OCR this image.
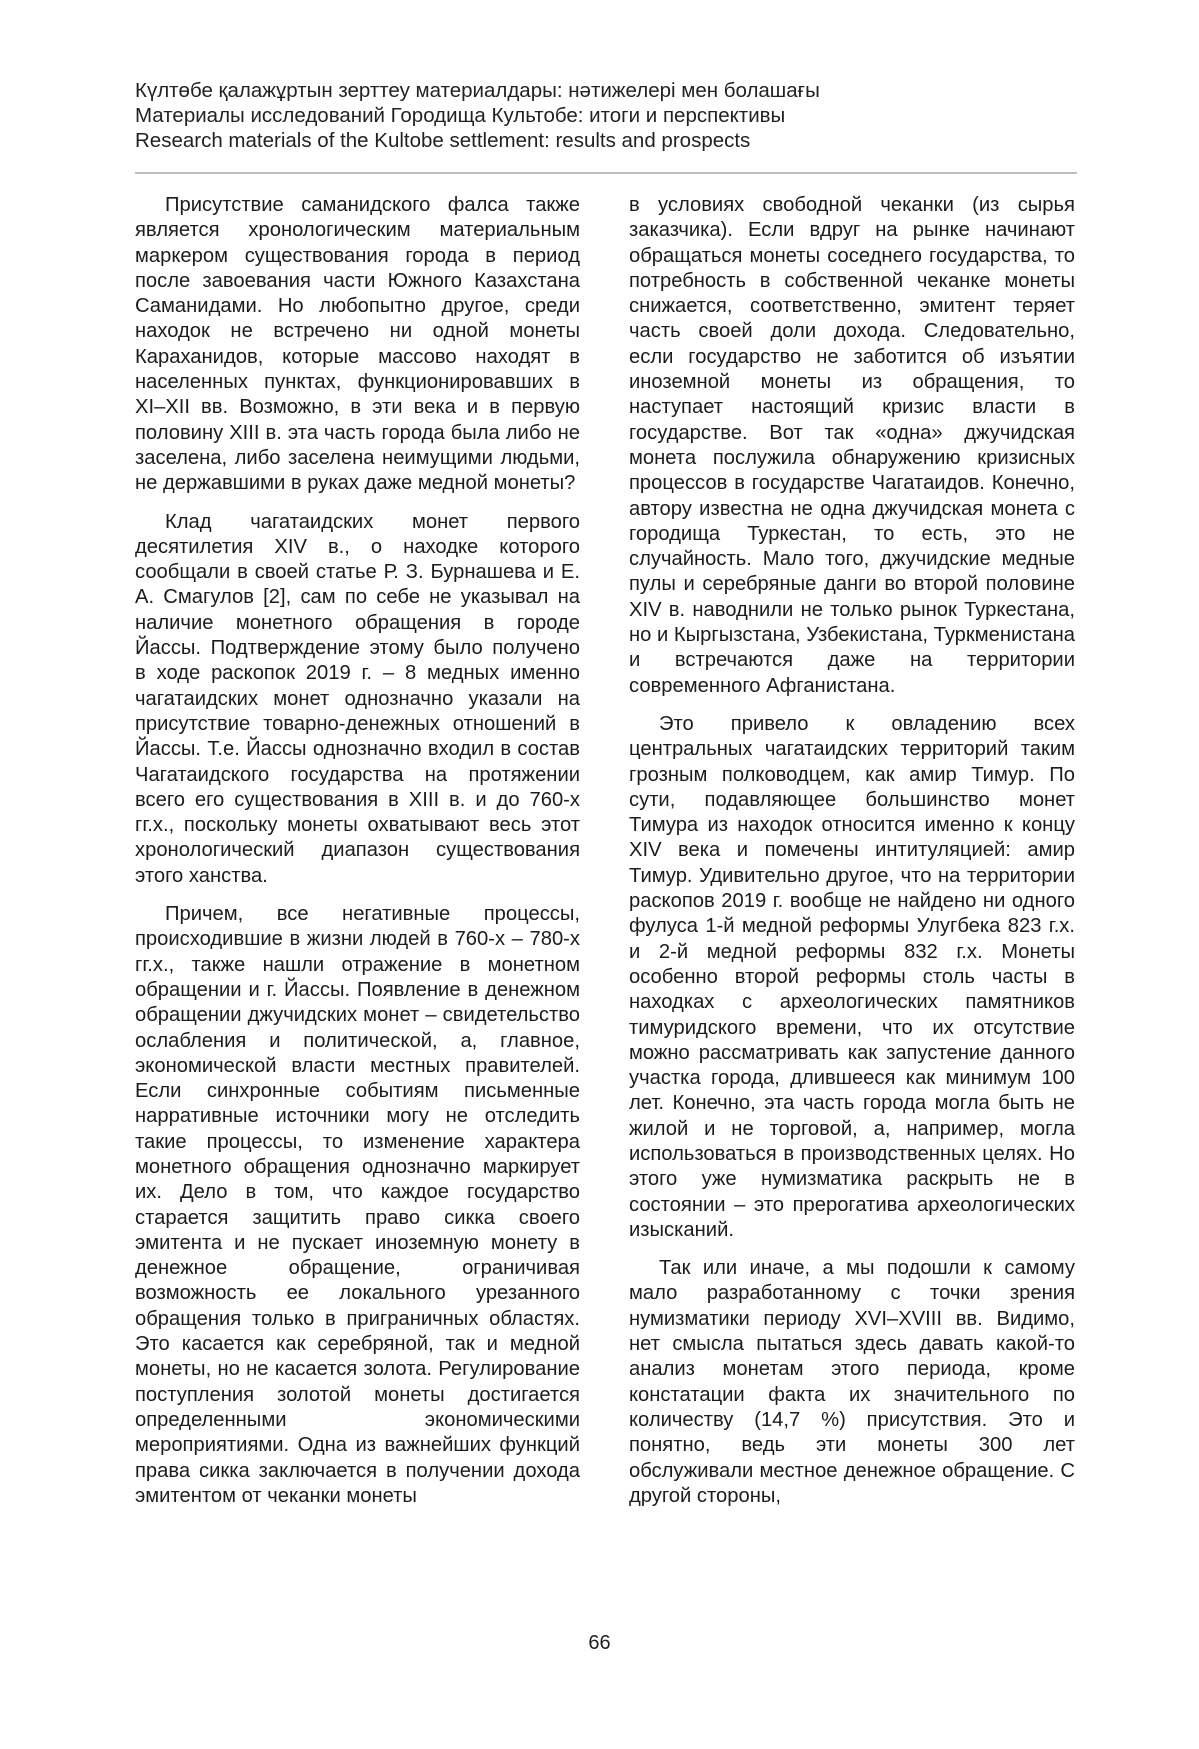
Күлтөбе қалажұртын зерттеу материалдары: нәтижелері мен болашағы
Материалы исследований Городища Культобе: итоги и перспективы
Research materials of the Kultobe settlement: results and prospects

Присутствие саманидского фалса также является хронологическим материальным маркером существования города в период после завоевания части Южного Казахстана Саманидами. Но любопытно другое, среди находок не встречено ни одной монеты Караханидов, которые массово находят в населенных пунктах, функционировавших в XI–XII вв. Возможно, в эти века и в первую половину XIII в. эта часть города была либо не заселена, либо заселена неимущими людьми, не державшими в руках даже медной монеты?

Клад чагатаидских монет первого десятилетия XIV в., о находке которого сообщали в своей статье Р. З. Бурнашева и Е. А. Смагулов [2], сам по себе не указывал на наличие монетного обращения в городе Йассы. Подтверждение этому было получено в ходе раскопок 2019 г. – 8 медных именно чагатаидских монет однозначно указали на присутствие товарно-денежных отношений в Йассы. Т.е. Йассы однозначно входил в состав Чагатаидского государства на протяжении всего его существования в XIII в. и до 760-х гг.х., поскольку монеты охватывают весь этот хронологический диапазон существования этого ханства.

Причем, все негативные процессы, происходившие в жизни людей в 760-х – 780-х гг.х., также нашли отражение в монетном обращении и г. Йассы. Появление в денежном обращении джучидских монет – свидетельство ослабления и политической, а, главное, экономической власти местных правителей. Если синхронные событиям письменные нарративные источники могу не отследить такие процессы, то изменение характера монетного обращения однозначно маркирует их. Дело в том, что каждое государство старается защитить право сикка своего эмитента и не пускает иноземную монету в денежное обращение, ограничивая возможность ее локального урезанного обращения только в приграничных областях. Это касается как серебряной, так и медной монеты, но не касается золота. Регулирование поступления золотой монеты достигается определенными экономическими мероприятиями. Одна из важнейших функций права сикка заключается в получении дохода эмитентом от чеканки монеты

в условиях свободной чеканки (из сырья заказчика). Если вдруг на рынке начинают обращаться монеты соседнего государства, то потребность в собственной чеканке монеты снижается, соответственно, эмитент теряет часть своей доли дохода. Следовательно, если государство не заботится об изъятии иноземной монеты из обращения, то наступает настоящий кризис власти в государстве. Вот так «одна» джучидская монета послужила обнаружению кризисных процессов в государстве Чагатаидов. Конечно, автору известна не одна джучидская монета с городища Туркестан, то есть, это не случайность. Мало того, джучидские медные пулы и серебряные данги во второй половине XIV в. наводнили не только рынок Туркестана, но и Кыргызстана, Узбекистана, Туркменистана и встречаются даже на территории современного Афганистана.

Это привело к овладению всех центральных чагатаидских территорий таким грозным полководцем, как амир Тимур. По сути, подавляющее большинство монет Тимура из находок относится именно к концу XIV века и помечены интитуляцией: амир Тимур. Удивительно другое, что на территории раскопов 2019 г. вообще не найдено ни одного фулуса 1-й медной реформы Улугбека 823 г.х. и 2-й медной реформы 832 г.х. Монеты особенно второй реформы столь часты в находках с археологических памятников тимуридского времени, что их отсутствие можно рассматривать как запустение данного участка города, длившееся как минимум 100 лет. Конечно, эта часть города могла быть не жилой и не торговой, а, например, могла использоваться в производственных целях. Но этого уже нумизматика раскрыть не в состоянии – это прерогатива археологических изысканий.

Так или иначе, а мы подошли к самому мало разработанному с точки зрения нумизматики периоду XVI–XVIII вв. Видимо, нет смысла пытаться здесь давать какой-то анализ монетам этого периода, кроме констатации факта их значительного по количеству (14,7 %) присутствия. Это и понятно, ведь эти монеты 300 лет обслуживали местное денежное обращение. С другой стороны,

66
